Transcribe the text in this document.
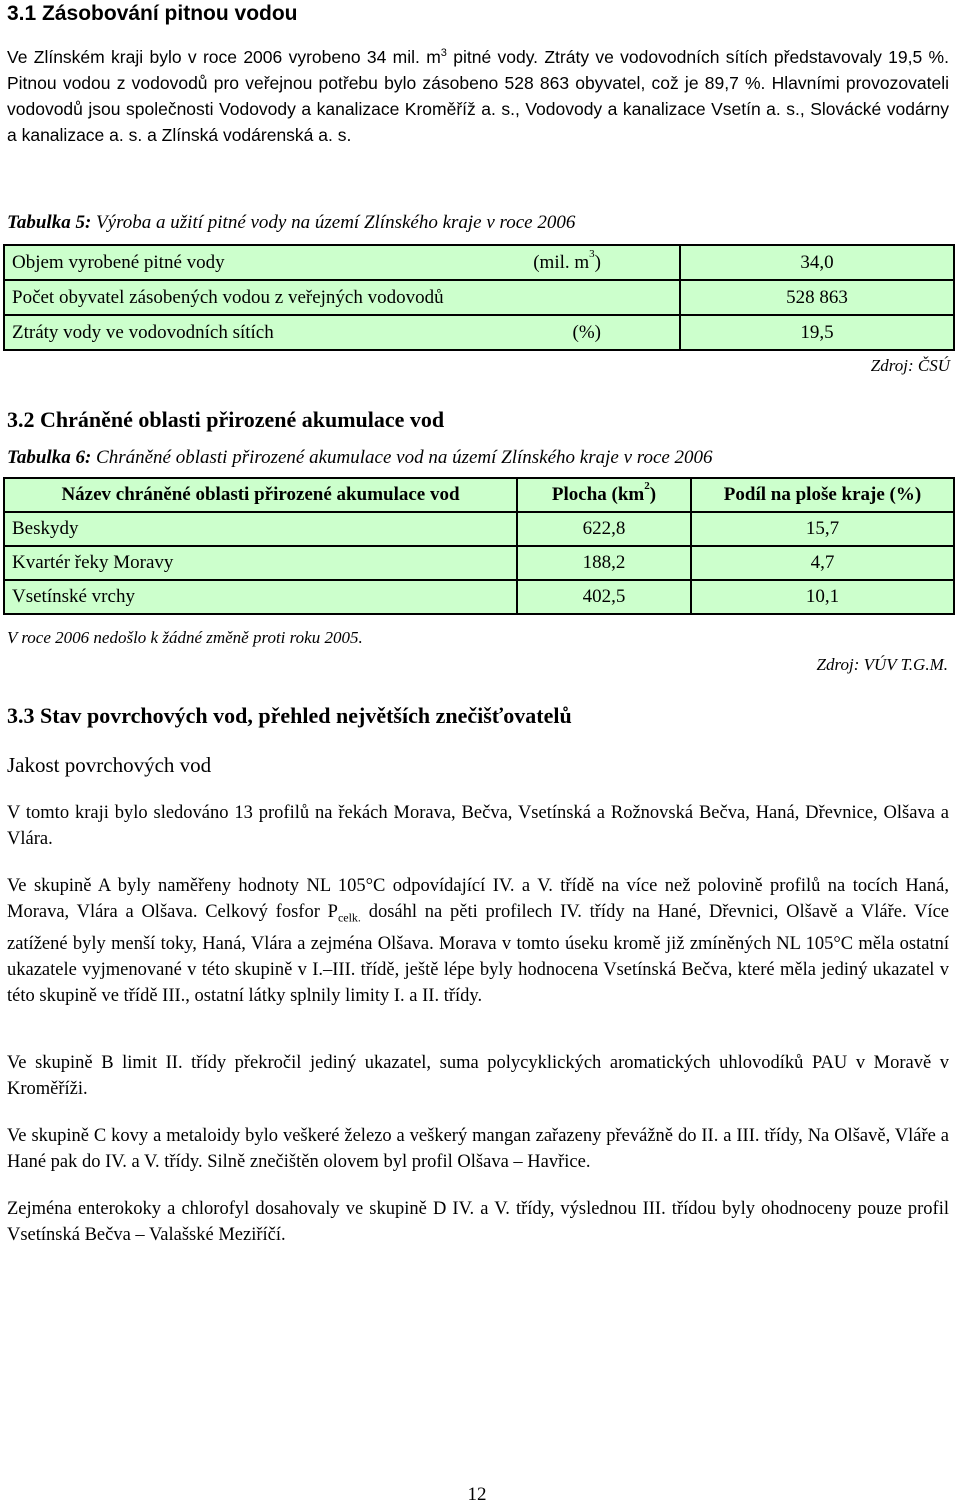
3.1 Zásobování pitnou vodou
Ve Zlínském kraji bylo v roce 2006 vyrobeno 34 mil. $m^3$ pitné vody. Ztráty ve vodovodních sítích představovaly 19,5 %. Pitnou vodou z vodovodů pro veřejnou potřebu bylo zásobeno 528 863 obyvatel, což je 89,7 %. Hlavními provozovateli vodovodů jsou společnosti Vodovody a kanalizace Kroměříž a. s., Vodovody a kanalizace Vsetín a. s., Slovácké vodárny a kanalizace a. s. a Zlínská vodárenská a. s.
Tabulka 5: Výroba a užití pitné vody na území Zlínského kraje v roce 2006
Objem vyrobené pitné vody (mil. $m^3$)	34,0
Počet obyvatel zásobených vodou z veřejných vodovodů	528 863
Ztráty vody ve vodovodních sítích (%)	19,5
Zdroj: ČSÚ
3.2 Chráněné oblasti přirozené akumulace vod
Tabulka 6: Chráněné oblasti přirozené akumulace vod na území Zlínského kraje v roce 2006
Název chráněné oblasti přirozené akumulace vod	Plocha $(km^2)$	Podíl na ploše kraje (%)
Beskydy	622,8	15,7
Kvartér řeky Moravy	188,2	4,7
Vsetínské vrchy	402,5	10,1
V roce 2006 nedošlo k žádné změně proti roku 2005.
Zdroj: VÚV T.G.M.
3.3 Stav povrchových vod, přehled největších znečišťovatelů
Jakost povrchových vod
V tomto kraji bylo sledováno 13 profilů na řekách Morava, Bečva, Vsetínská a Rožnovská Bečva, Haná, Dřevnice, Olšava a Vlára.
Ve skupině A byly naměřeny hodnoty NL 105°C odpovídající IV. a V. třídě na více než polovině profilů na tocích Haná, Morava, Vlára a Olšava. Celkový fosfor $P_{celk.}$ dosáhl na pěti profilech IV. třídy na Hané, Dřevnici, Olšavě a Vláře. Více zatížené byly menší toky, Haná, Vlára a zejména Olšava. Morava v tomto úseku kromě již zmíněných NL 105°C měla ostatní ukazatele vyjmenované v této skupině v I.–III. třídě, ještě lépe byly hodnocena Vsetínská Bečva, které měla jediný ukazatel v této skupině ve třídě III., ostatní látky splnily limity I. a II. třídy.
Ve skupině B limit II. třídy překročil jediný ukazatel, suma polycyklických aromatických uhlovodíků PAU v Moravě v Kroměříži.
Ve skupině C kovy a metaloidy bylo veškeré železo a veškerý mangan zařazeny převážně do II. a III. třídy, Na Olšavě, Vláře a Hané pak do IV. a V. třídy. Silně znečištěn olovem byl profil Olšava – Havřice.
Zejména enterokoky a chlorofyl dosahovaly ve skupině D IV. a V. třídy, výslednou III. třídou byly ohodnoceny pouze profil Vsetínská Bečva – Valašské Meziříčí.
12
